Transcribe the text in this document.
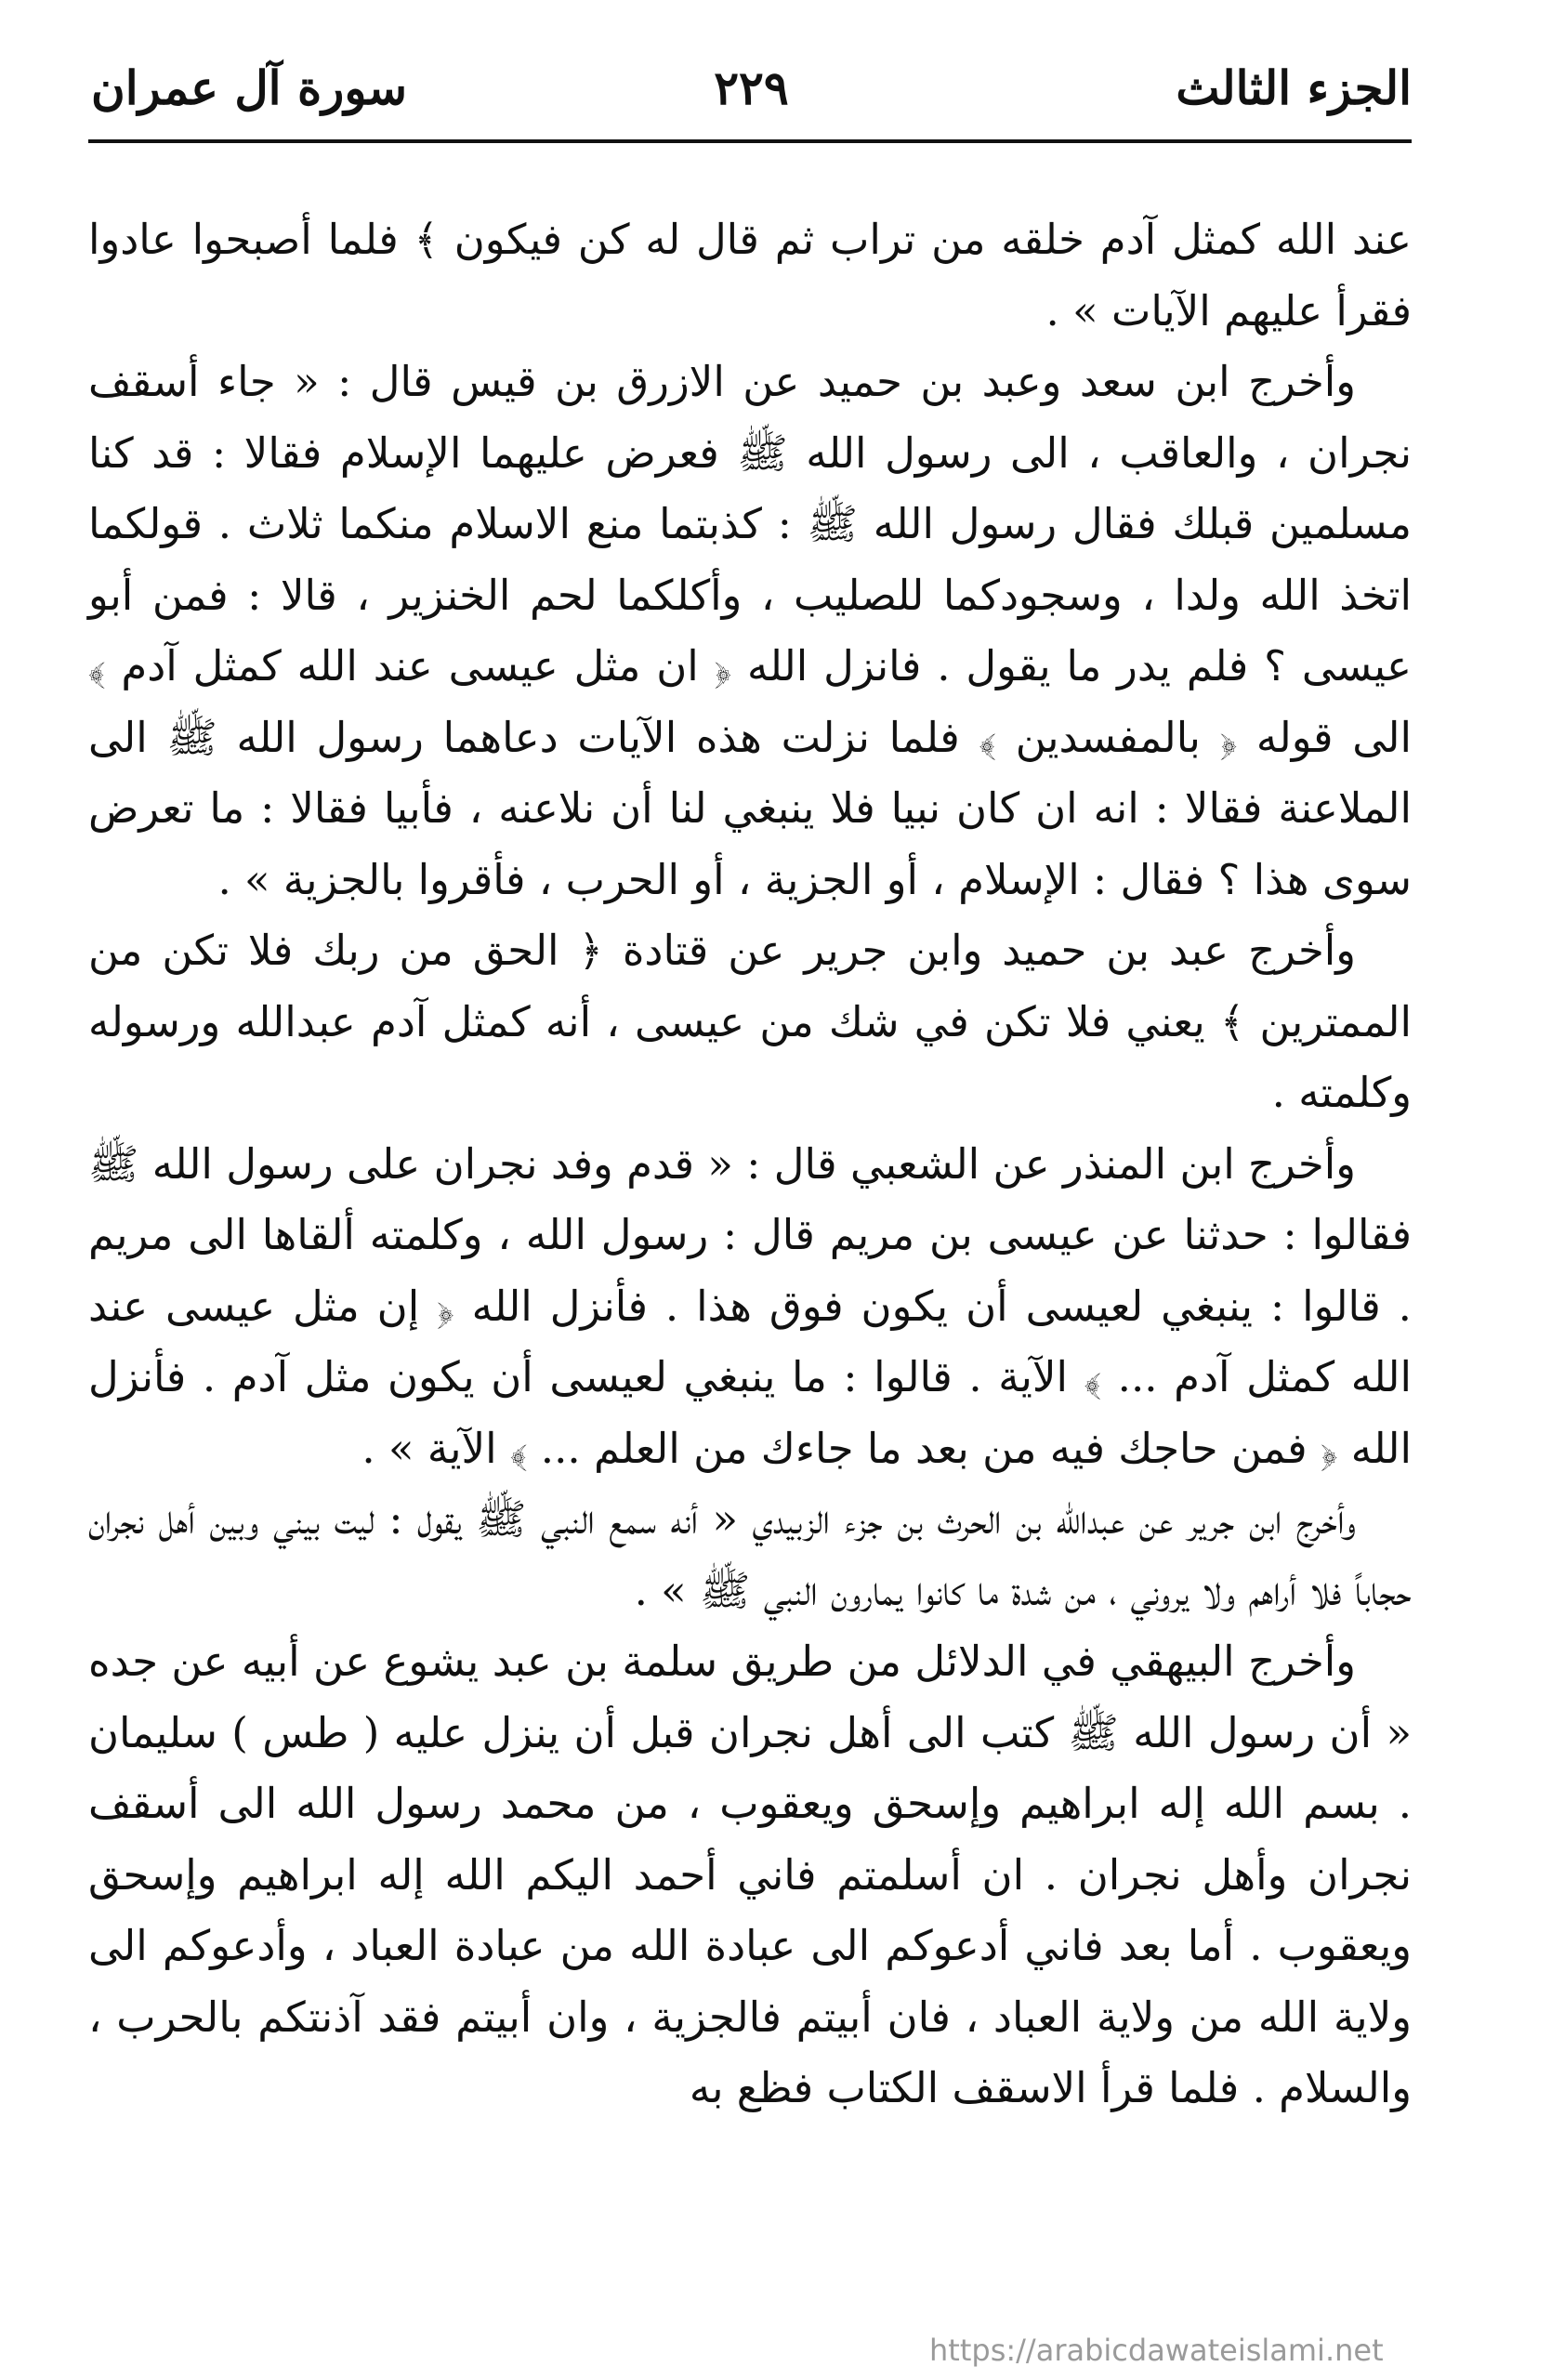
الجزء الثالث
٢٢٩
سورة آل عمران

عند الله كمثل آدم خلقه من تراب ثم قال له كن فيكون ﴾ فلما أصبحوا عادوا فقرأ عليهم الآيات » .

وأخرج ابن سعد وعبد بن حميد عن الازرق بن قيس قال : « جاء أسقف نجران ، والعاقب ، الى رسول الله ﷺ فعرض عليهما الإسلام فقالا : قد كنا مسلمين قبلك فقال رسول الله ﷺ : كذبتما منع الاسلام منكما ثلاث . قولكما اتخذ الله ولدا ، وسجودكما للصليب ، وأكلكما لحم الخنزير ، قالا : فمن أبو عيسى ؟ فلم يدر ما يقول . فانزل الله ﴿ ان مثل عيسى عند الله كمثل آدم ﴾ الى قوله ﴿ بالمفسدين ﴾ فلما نزلت هذه الآيات دعاهما رسول الله ﷺ الى الملاعنة فقالا : انه ان كان نبيا فلا ينبغي لنا أن نلاعنه ، فأبيا فقالا : ما تعرض سوى هذا ؟ فقال : الإسلام ، أو الجزية ، أو الحرب ، فأقروا بالجزية » .

وأخرج عبد بن حميد وابن جرير عن قتادة ﴿ الحق من ربك فلا تكن من الممترين ﴾ يعني فلا تكن في شك من عيسى ، أنه كمثل آدم عبدالله ورسوله وكلمته .

وأخرج ابن المنذر عن الشعبي قال : « قدم وفد نجران على رسول الله ﷺ فقالوا : حدثنا عن عيسى بن مريم قال : رسول الله ، وكلمته ألقاها الى مريم . قالوا : ينبغي لعيسى أن يكون فوق هذا . فأنزل الله ﴿ إن مثل عيسى عند الله كمثل آدم ... ﴾ الآية . قالوا : ما ينبغي لعيسى أن يكون مثل آدم . فأنزل الله ﴿ فمن حاجك فيه من بعد ما جاءك من العلم ... ﴾ الآية » .

وأخرج ابن جرير عن عبدالله بن الحرث بن جزء الزبيدي « أنه سمع النبي ﷺ يقول : ليت بيني وبين أهل نجران حجاباً فلا أراهم ولا يروني ، من شدة ما كانوا يمارون النبي ﷺ » .

وأخرج البيهقي في الدلائل من طريق سلمة بن عبد يشوع عن أبيه عن جده « أن رسول الله ﷺ كتب الى أهل نجران قبل أن ينزل عليه ( طس ) سليمان . بسم الله إله ابراهيم وإسحق ويعقوب ، من محمد رسول الله الى أسقف نجران وأهل نجران . ان أسلمتم فاني أحمد اليكم الله إله ابراهيم وإسحق ويعقوب . أما بعد فاني أدعوكم الى عبادة الله من عبادة العباد ، وأدعوكم الى ولاية الله من ولاية العباد ، فان أبيتم فالجزية ، وان أبيتم فقد آذنتكم بالحرب ، والسلام . فلما قرأ الاسقف الكتاب فظع به

https://arabicdawateislami.net
